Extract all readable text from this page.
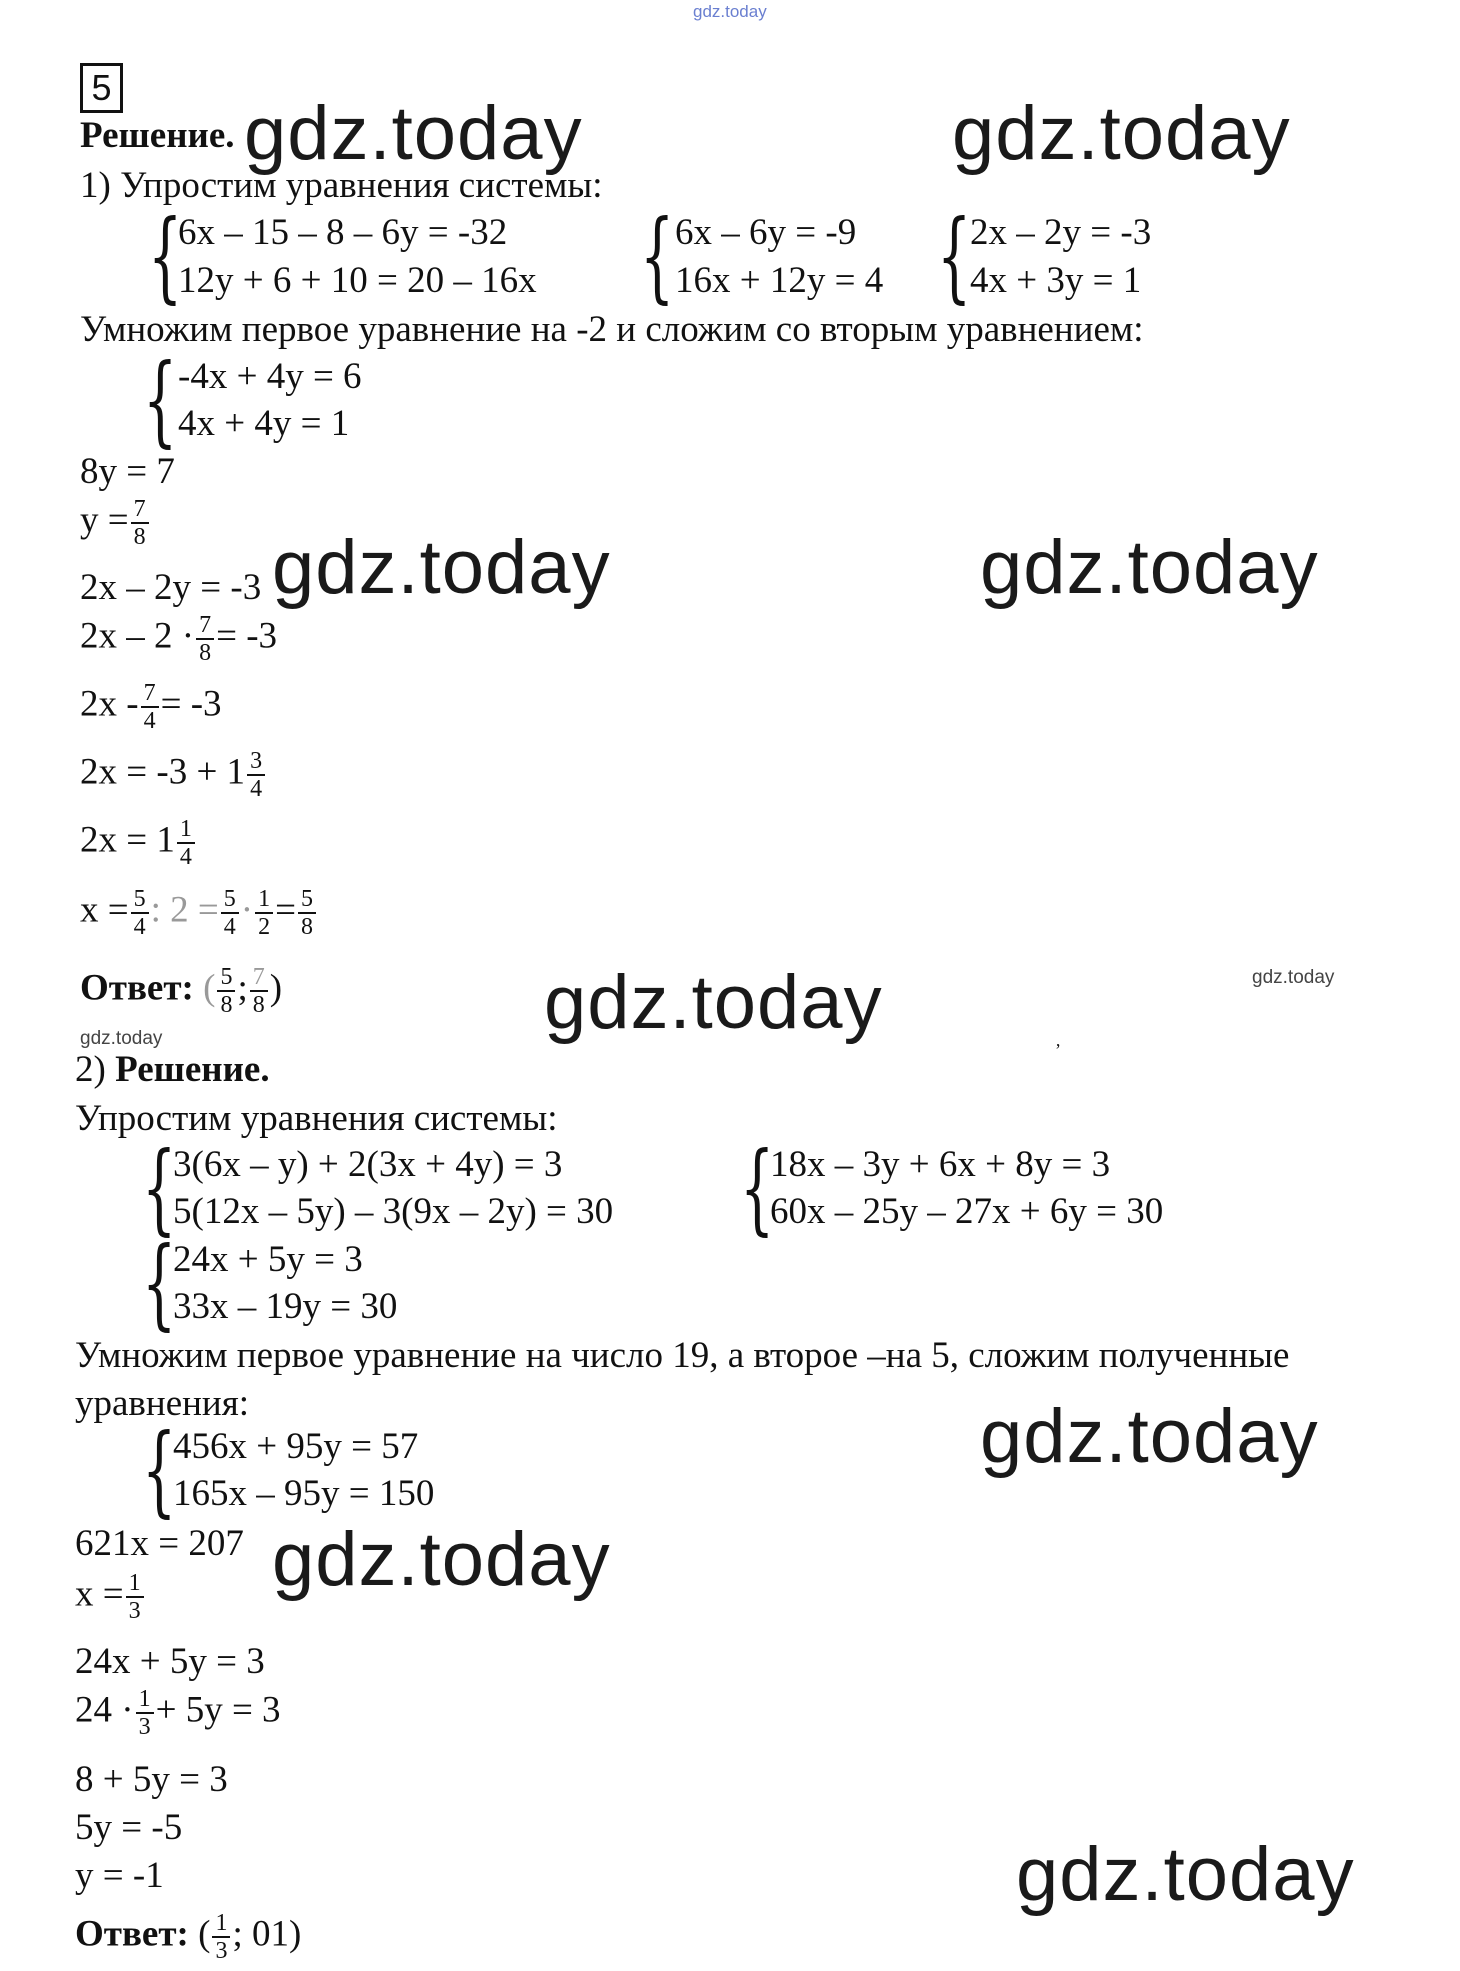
gdz.today
gdz.today	gdz.today
gdz.today	gdz.today
gdz.today	gdz.today
gdz.today
gdz.today
gdz.today
gdz.today
5
Решение.
1) Упростим уравнения системы:
{
6x – 15 – 8 – 6y = -32
12y + 6 + 10 = 20 – 16x { 6x – 6y = -9
16x + 12y = 4 {
2x – 2y = -3
4x + 3y = 1
Умножим первое уравнение на -2 и сложим со вторым уравнением:
{ -4x + 4y = 6
4x + 4y = 1
8y = 7
$y = \frac{7}{8}$
2x – 2y = -3
$2x - 2 \cdot \frac{7}{8} = -3$
$2x - \frac{7}{4} = -3$
$2x = -3 + 1 \frac{3}{4}$
$2x = 1 \frac{1}{4}$
$x = \frac{5}{4}$ : $2 = \frac{5}{4} \cdot \frac{1}{2} = \frac{5}{8}$
Ответ: ( $\frac{5}{8}$ ; $\frac{7}{8}$ )
’
2) Решение.
Упростим уравнения системы:
{
3(6x – y) + 2(3x + 4y) = 3
5(12x – 5y) – 3(9x – 2y) = 30 {
18x – 3y + 6x + 8y = 3
60x – 25y – 27x + 6y = 30
{
24x + 5y = 3
33x – 19y = 30
Умножим первое уравнение на число 19, а второе –на 5, сложим полученные
уравнения:
{
456x + 95y = 57
165x – 95y = 150
621x = 207
$x = \frac{1}{3}$
24x + 5y = 3
$24 \cdot \frac{1}{3} + 5y = 3$
8 + 5y = 3
5y = -5
y = -1
Ответ: ( $\frac{1}{3}$ ; 01)
